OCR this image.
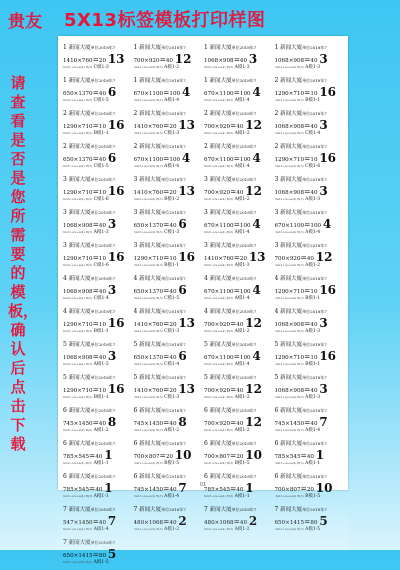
贵友 5X13标签模板打印样图
请查看是否是您所需要的模板，确认后点击下载
1 新闻大厦单位2018年7
1410×760=20 13
tmd1+/a+a(4) B(3) C模1-3
1 新闻大厦单位2018年7
700×920=40 12
tmd1+/a+a(4) B(3) A模1-2
1 新闻大厦单位2018年7
1068×908=40 3
tmd1+/a+a(4) B(3) A模1-3
1 新闻大厦单位2018年7
1068×908=40 3
tmd1+/a+a(4) B(3) A模1-3
1 新闻大厦单位2018年7
650×1370=40 6
tmd1+/a+a(4) B(3) C模1-5
1 新闻大厦单位2018年7
670×1100=100 4
tmd1+/a+a(4) B(3) A模1-4
1 新闻大厦单位2018年7
670×1100=100 4
tmd1+/a+a(4) B(3) A模1-4
2 新闻大厦单位2018年7
1290×710=10 16
tmd1+/a+a(4) B(3) B模1-1
2 新闻大厦单位2018年7
1290×710=10 16
tmd1+/a+a(4) B(3) B模1-1
2 新闻大厦单位2018年7
1410×760=20 13
tmd1+/a+a(4) B(3) C模1-3
2 新闻大厦单位2018年7
700×920=40 12
tmd1+/a+a(4) B(3) A模1-2
2 新闻大厦单位2018年7
1068×908=40 3
tmd1+/a+a(4) B(3) C模1-4
2 新闻大厦单位2018年7
650×1370=40 6
tmd1+/a+a(4) B(3) C模1-5
2 新闻大厦单位2018年7
670×1100=100 4
tmd1+/a+a(4) B(3) A模1-4
2 新闻大厦单位2018年7
670×1100=100 4
tmd1+/a+a(4) B(3) A模1-4
2 新闻大厦单位2018年7
1290×710=10 16
tmd1+/a+a(4) B(3) C模1-6
3 新闻大厦单位2018年7
1290×710=10 16
tmd1+/a+a(4) B(3) C模1-6
3 新闻大厦单位2018年7
1410×760=20 13
tmd1+/a+a(4) B(3) B模1-2
3 新闻大厦单位2018年7
700×920=40 12
tmd1+/a+a(4) B(3) A模1-2
3 新闻大厦单位2018年7
1068×908=40 3
tmd1+/a+a(4) B(3) A模1-3
3 新闻大厦单位2018年7
1068×908=40 3
tmd1+/a+a(4) B(3) A模1-3
3 新闻大厦单位2018年7
650×1370=40 6
tmd1+/a+a(4) B(3) C模1-3
3 新闻大厦单位2018年7
670×1100=100 4
tmd1+/a+a(4) B(3) A模1-4
3 新闻大厦单位2018年7
670×1100=100 4
tmd1+/a+a(4) B(3) A模1-4
3 新闻大厦单位2018年7
1290×710=10 16
tmd1+/a+a(4) B(3) C模1-6
3 新闻大厦单位2018年7
1290×710=10 16
tmd1+/a+a(4) B(3) B模1-1
3 新闻大厦单位2018年7
1410×760=20 13
tmd1+/a+a(4) B(3) A模1-3
3 新闻大厦单位2018年7
700×920=40 12
tmd1+/a+a(4) B(3) A模1-2
4 新闻大厦单位2018年7
1068×908=40 3
tmd1+/a+a(4) B(3) C模1-4
4 新闻大厦单位2018年7
650×1370=40 6
tmd1+/a+a(4) B(3) C模1-5
4 新闻大厦单位2018年7
670×1100=100 4
tmd1+/a+a(4) B(3) A模1-4
4 新闻大厦单位2018年7
1290×710=10 16
tmd1+/a+a(4) B(3) B模1-1
4 新闻大厦单位2018年7
1290×710=10 16
tmd1+/a+a(4) B(3) B模1-1
4 新闻大厦单位2018年7
1410×760=20 13
tmd1+/a+a(4) B(3) C模1-3
4 新闻大厦单位2018年7
700×920=40 12
tmd1+/a+a(4) B(3) A模1-2
4 新闻大厦单位2018年7
1068×908=40 3
tmd1+/a+a(4) B(3) A模1-3
5 新闻大厦单位2018年7
1068×908=40 3
tmd1+/a+a(4) B(3) A模1-3
5 新闻大厦单位2018年7
650×1370=40 6
tmd1+/a+a(4) B(3) C模1-4
5 新闻大厦单位2018年7
670×1100=100 4
tmd1+/a+a(4) B(3) A模1-4
5 新闻大厦单位2018年7
1290×710=10 16
tmd1+/a+a(4) B(3) B模1-1
5 新闻大厦单位2018年7
1290×710=10 16
tmd1+/a+a(4) B(3) B模1-1
5 新闻大厦单位2018年7
1410×760=20 13
tmd1+/a+a(4) B(3) C模1-3
5 新闻大厦单位2018年7
700×920=40 12
tmd1+/a+a(4) B(3) A模1-2
5 新闻大厦单位2018年7
1068×908=40 3
tmd1+/a+a(4) B(3) A模1-3
6 新闻大厦单位2018年7
745×1450=40 8
tmd1+/a+a(4) B(3) A模1-2
6 新闻大厦单位2018年7
745×1450=40 8
tmd1+/a+a(4) B(3) A模1-2
6 新闻大厦单位2018年7
700×920=40 12
tmd1+/a+a(4) B(3) A模1-2
6 新闻大厦单位2018年7
745×1450=40 7
tmd1+/a+a(4) B(3) A模1-4
6 新闻大厦单位2018年7
785×545=40 1
tmd1+/a+a(4) B(3) A模1-1
6 新闻大厦单位2018年7
700×807=20 10
tmd1+/a+a(4) B(3) B模1-5
6 新闻大厦单位2018年7
700×807=20 10
tmd1+/a+a(4) B(3) B模1-5
6 新闻大厦单位2018年7
785×545=40 1
tmd1+/a+a(4) B(3) A模1-1
6 新闻大厦单位2018年7
785×545=40 1
tmd1+/a+a(4) B(3) A模1-1
6 新闻大厦单位2018年7
745×1450=40 7
tmd1+/a+a(4) B(3) A模1-4
6 新闻大厦单位2018年7
785×545=40 1
tmd1+/a+a(4) B(3) A模1-1
6 新闻大厦单位2018年7
700×807=20 10
tmd1+/a+a(4) B(3) B模1-5
7 新闻大厦单位2018年7
547×1450=40 7
tmd1+/a+a(4) B(3) A模1-4
7 新闻大厦单位2018年7
480×1068=40 2
tmd1+/a+a(4) B(3) A模1-2
7 新闻大厦单位2018年7
480×1068=40 2
tmd1+/a+a(4) B(3) A模1-2
7 新闻大厦单位2018年7
650×1415=80 5
tmd1+/a+a(4) B(3) A模1-5
7 新闻大厦单位2018年7
650×1415=80 5
tmd1+/a+a(4) B(3) A模1-5
01
